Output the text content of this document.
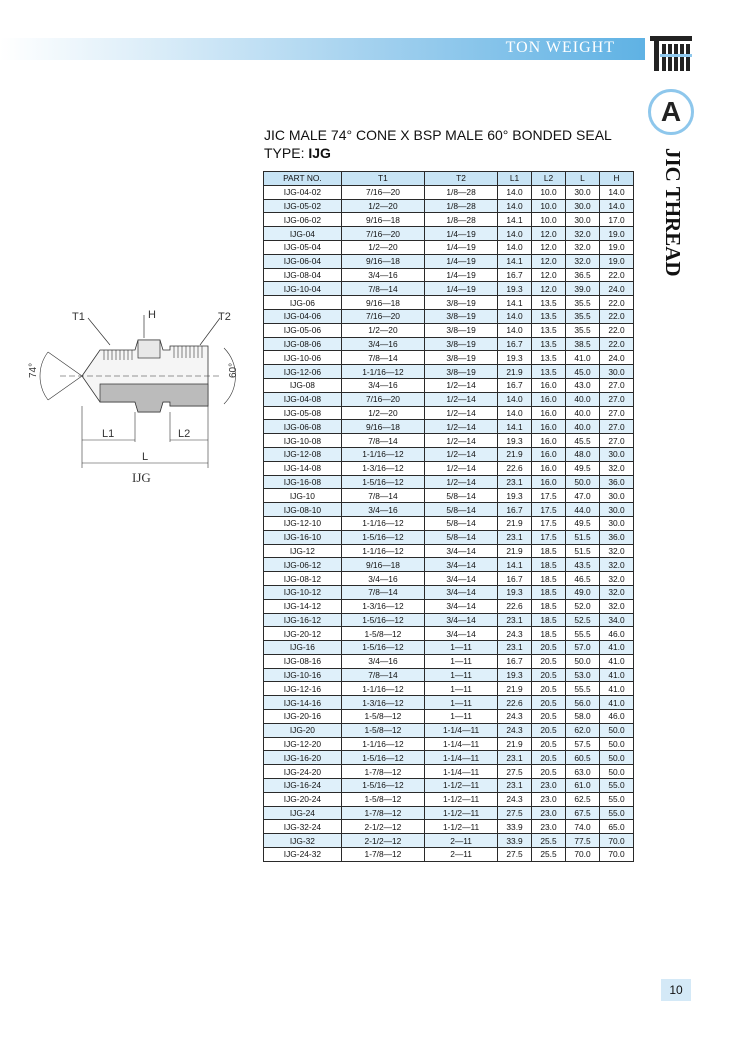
TON WEIGHT
A
JIC THREAD
JIC MALE 74° CONE X BSP MALE 60° BONDED SEAL
TYPE: IJG
T1	H	T2
74°	60°
L1	L2
L
IJG
PART NO.	T1	T2	L1	L2	L	H
IJG-04-02	7/16—20	1/8—28	14.0	10.0	30.0	14.0
IJG-05-02	1/2—20	1/8—28	14.0	10.0	30.0	14.0
IJG-06-02	9/16—18	1/8—28	14.1	10.0	30.0	17.0
IJG-04	7/16—20	1/4—19	14.0	12.0	32.0	19.0
IJG-05-04	1/2—20	1/4—19	14.0	12.0	32.0	19.0
IJG-06-04	9/16—18	1/4—19	14.1	12.0	32.0	19.0
IJG-08-04	3/4—16	1/4—19	16.7	12.0	36.5	22.0
IJG-10-04	7/8—14	1/4—19	19.3	12.0	39.0	24.0
IJG-06	9/16—18	3/8—19	14.1	13.5	35.5	22.0
IJG-04-06	7/16—20	3/8—19	14.0	13.5	35.5	22.0
IJG-05-06	1/2—20	3/8—19	14.0	13.5	35.5	22.0
IJG-08-06	3/4—16	3/8—19	16.7	13.5	38.5	22.0
IJG-10-06	7/8—14	3/8—19	19.3	13.5	41.0	24.0
IJG-12-06	1-1/16—12	3/8—19	21.9	13.5	45.0	30.0
IJG-08	3/4—16	1/2—14	16.7	16.0	43.0	27.0
IJG-04-08	7/16—20	1/2—14	14.0	16.0	40.0	27.0
IJG-05-08	1/2—20	1/2—14	14.0	16.0	40.0	27.0
IJG-06-08	9/16—18	1/2—14	14.1	16.0	40.0	27.0
IJG-10-08	7/8—14	1/2—14	19.3	16.0	45.5	27.0
IJG-12-08	1-1/16—12	1/2—14	21.9	16.0	48.0	30.0
IJG-14-08	1-3/16—12	1/2—14	22.6	16.0	49.5	32.0
IJG-16-08	1-5/16—12	1/2—14	23.1	16.0	50.0	36.0
IJG-10	7/8—14	5/8—14	19.3	17.5	47.0	30.0
IJG-08-10	3/4—16	5/8—14	16.7	17.5	44.0	30.0
IJG-12-10	1-1/16—12	5/8—14	21.9	17.5	49.5	30.0
IJG-16-10	1-5/16—12	5/8—14	23.1	17.5	51.5	36.0
IJG-12	1-1/16—12	3/4—14	21.9	18.5	51.5	32.0
IJG-06-12	9/16—18	3/4—14	14.1	18.5	43.5	32.0
IJG-08-12	3/4—16	3/4—14	16.7	18.5	46.5	32.0
IJG-10-12	7/8—14	3/4—14	19.3	18.5	49.0	32.0
IJG-14-12	1-3/16—12	3/4—14	22.6	18.5	52.0	32.0
IJG-16-12	1-5/16—12	3/4—14	23.1	18.5	52.5	34.0
IJG-20-12	1-5/8—12	3/4—14	24.3	18.5	55.5	46.0
IJG-16	1-5/16—12	1—11	23.1	20.5	57.0	41.0
IJG-08-16	3/4—16	1—11	16.7	20.5	50.0	41.0
IJG-10-16	7/8—14	1—11	19.3	20.5	53.0	41.0
IJG-12-16	1-1/16—12	1—11	21.9	20.5	55.5	41.0
IJG-14-16	1-3/16—12	1—11	22.6	20.5	56.0	41.0
IJG-20-16	1-5/8—12	1—11	24.3	20.5	58.0	46.0
IJG-20	1-5/8—12	1-1/4—11	24.3	20.5	62.0	50.0
IJG-12-20	1-1/16—12	1-1/4—11	21.9	20.5	57.5	50.0
IJG-16-20	1-5/16—12	1-1/4—11	23.1	20.5	60.5	50.0
IJG-24-20	1-7/8—12	1-1/4—11	27.5	20.5	63.0	50.0
IJG-16-24	1-5/16—12	1-1/2—11	23.1	23.0	61.0	55.0
IJG-20-24	1-5/8—12	1-1/2—11	24.3	23.0	62.5	55.0
IJG-24	1-7/8—12	1-1/2—11	27.5	23.0	67.5	55.0
IJG-32-24	2-1/2—12	1-1/2—11	33.9	23.0	74.0	65.0
IJG-32	2-1/2—12	2—11	33.9	25.5	77.5	70.0
IJG-24-32	1-7/8—12	2—11	27.5	25.5	70.0	70.0
10
